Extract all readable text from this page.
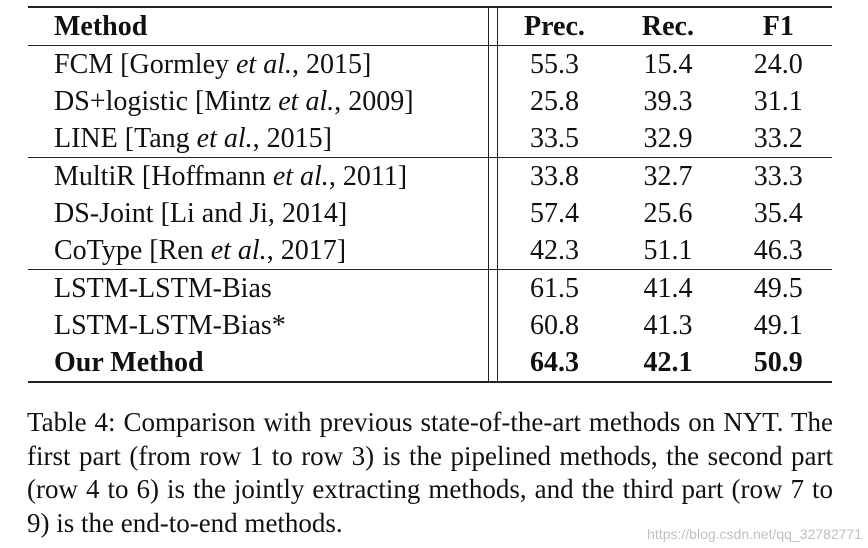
Method		Prec.	Rec.	F1
FCM [Gormley et al., 2015]		55.3	15.4	24.0
DS+logistic [Mintz et al., 2009]		25.8	39.3	31.1
LINE [Tang et al., 2015]		33.5	32.9	33.2
MultiR [Hoffmann et al., 2011]		33.8	32.7	33.3
DS-Joint [Li and Ji, 2014]		57.4	25.6	35.4
CoType [Ren et al., 2017]		42.3	51.1	46.3
LSTM-LSTM-Bias		61.5	41.4	49.5
LSTM-LSTM-Bias*		60.8	41.3	49.1
Our Method		64.3	42.1	50.9
Table 4: Comparison with previous state-of-the-art methods on NYT. The first part (from row 1 to row 3) is the pipelined methods, the second part (row 4 to 6) is the jointly extracting methods, and the third part (row 7 to 9) is the end-to-end methods.	https://blog.csdn.net/qq_32782771
